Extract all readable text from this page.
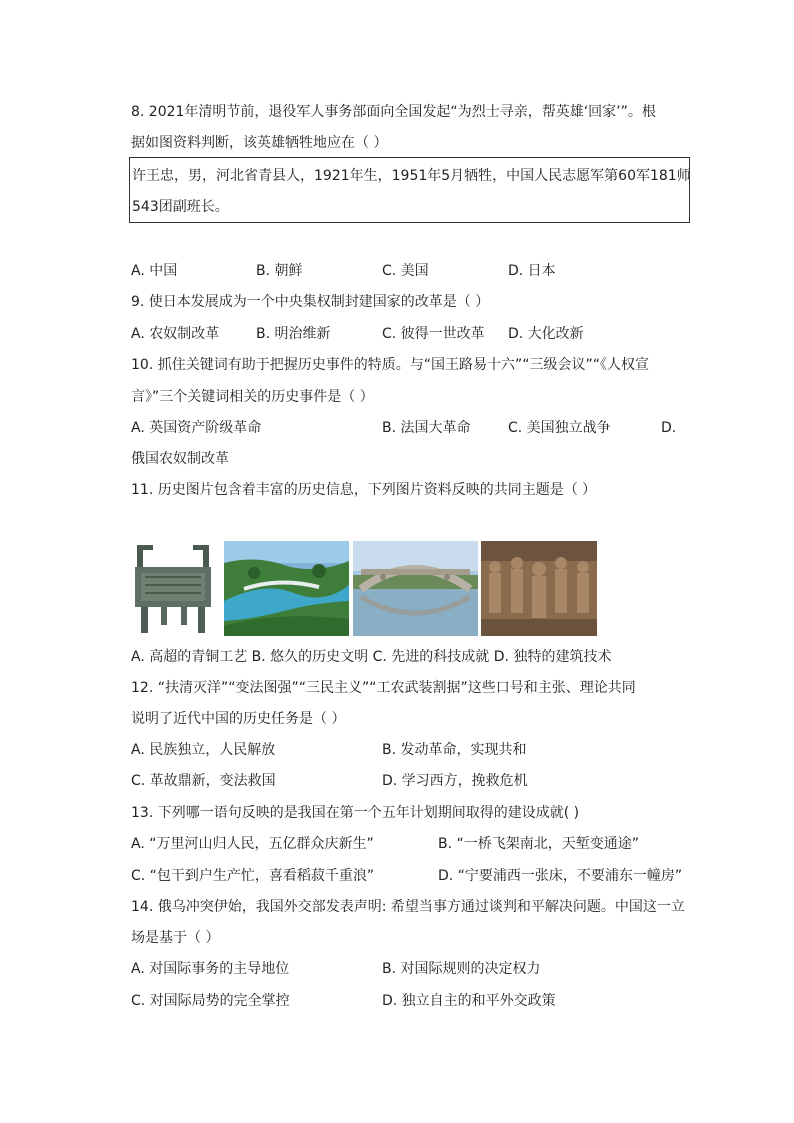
8. 2021年清明节前，退役军人事务部面向全国发起“为烈士寻亲，帮英雄‘回家’”。根
据如图资料判断，该英雄牺牲地应在（ ）
许王忠，男，河北省青县人，1921年生，1951年5月牺牲，中国人民志愿军第60军181师
543团副班长。
A. 中国	B. 朝鲜	C. 美国	D. 日本
9. 使日本发展成为一个中央集权制封建国家的改革是（ ）
A. 农奴制改革	B. 明治维新	C. 彼得一世改革 D. 大化改新
10. 抓住关键词有助于把握历史事件的特质。与“国王路易十六”“三级会议”“《人权宣
言》”三个关键词相关的历史事件是（ ）
A. 英国资产阶级革命	B. 法国大革命	C. 美国独立战争	D.
俄国农奴制改革
11. 历史图片包含着丰富的历史信息，下列图片资料反映的共同主题是（ ）
A. 高超的青铜工艺 B. 悠久的历史文明 C. 先进的科技成就 D. 独特的建筑技术
12. “扶清灭洋”“变法图强”“三民主义”“工农武装割据”这些口号和主张、理论共同
说明了近代中国的历史任务是（ ）
A. 民族独立，人民解放	B. 发动革命，实现共和
C. 革故鼎新，变法救国	D. 学习西方，挽救危机
13. 下列哪一语句反映的是我国在第一个五年计划期间取得的建设成就( )
A. “万里河山归人民，五亿群众庆新生”	B. “一桥飞架南北，天堑变通途”
C. “包干到户生产忙，喜看稻菽千重浪”	D. “宁要浦西一张床，不要浦东一幢房”
14. 俄乌冲突伊始，我国外交部发表声明: 希望当事方通过谈判和平解决问题。中国这一立
场是基于（ ）
A. 对国际事务的主导地位	B. 对国际规则的决定权力
C. 对国际局势的完全掌控	D. 独立自主的和平外交政策
